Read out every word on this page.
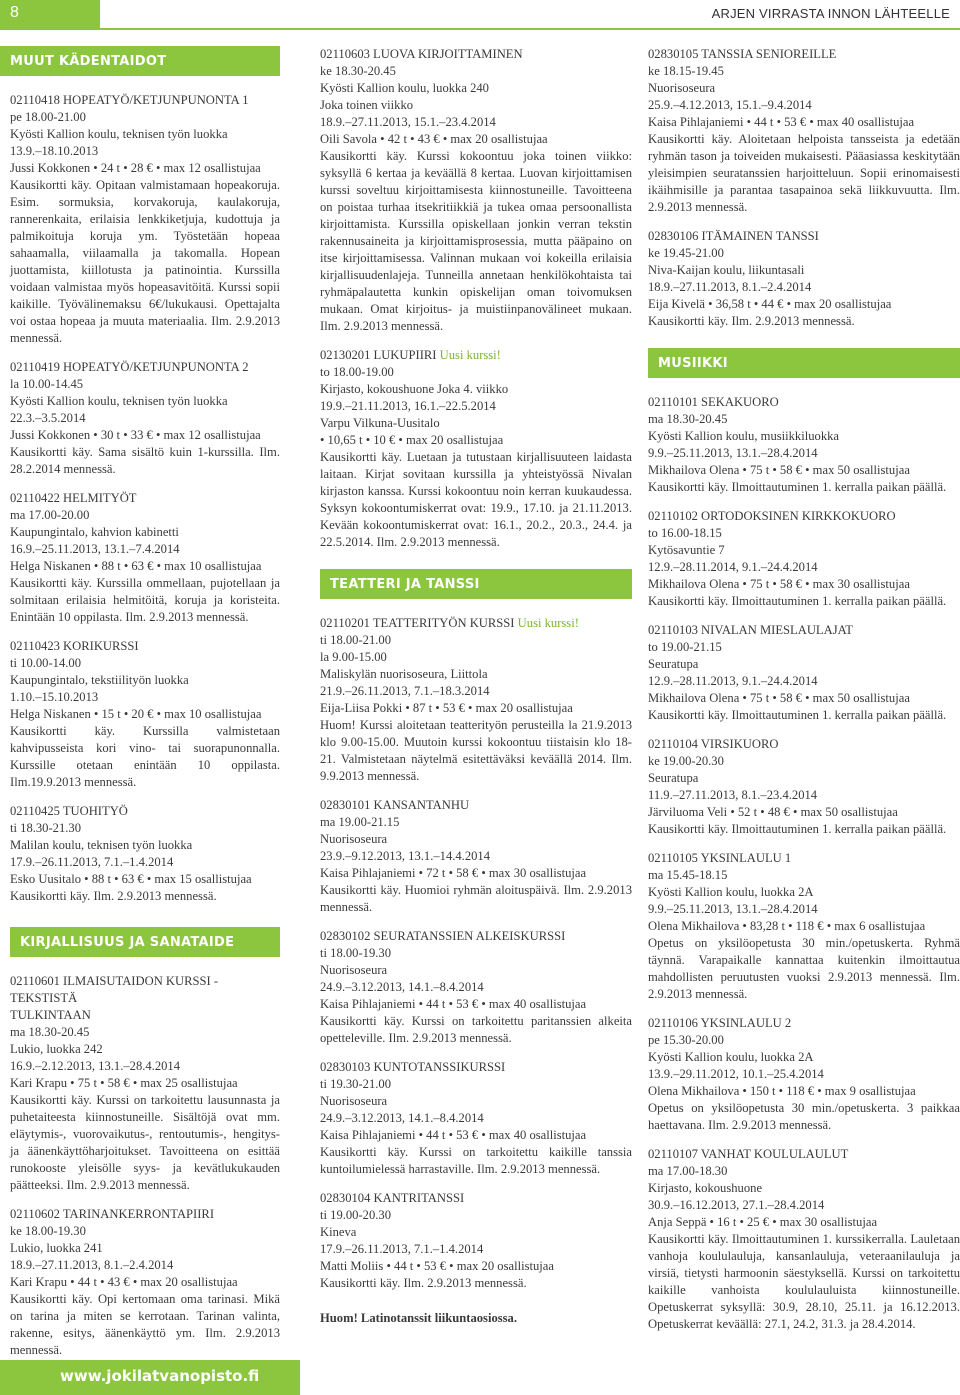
8	ARJEN VIRRASTA INNON LÄHTEELLE
MUUT KÄDENTAIDOT
02110418 HOPEATYÖ/KETJUNPUNONTA 1
pe 18.00-21.00
Kyösti Kallion koulu, teknisen työn luokka
13.9.–18.10.2013
Jussi Kokkonen • 24 t • 28 € • max 12 osallistujaa
Kausikortti käy. Opitaan valmistamaan hopeakoruja. Esim. sormuksia, korvakoruja, kaulakoruja, rannerenkaita, erilaisia lenkkiketjuja, kudottuja ja palmikoituja koruja ym. Työstetään hopeaa sahaamalla, viilaamalla ja takomalla. Hopean juottamista, kiillotusta ja patinointia. Kurssilla voidaan valmistaa myös hopeasavitöitä. Kurssi sopii kaikille. Työvälinemaksu 6€/lukukausi. Opettajalta voi ostaa hopeaa ja muuta materiaalia. Ilm. 2.9.2013 mennessä.
02110419 HOPEATYÖ/KETJUNPUNONTA 2
la 10.00-14.45
Kyösti Kallion koulu, teknisen työn luokka
22.3.–3.5.2014
Jussi Kokkonen • 30 t • 33 € • max 12 osallistujaa
Kausikortti käy. Sama sisältö kuin 1-kurssilla. Ilm. 28.2.2014 mennessä.
02110422 HELMITYÖT
ma 17.00-20.00
Kaupungintalo, kahvion kabinetti
16.9.–25.11.2013, 13.1.–7.4.2014
Helga Niskanen • 88 t • 63 € • max 10 osallistujaa
Kausikortti käy. Kurssilla ommellaan, pujotellaan ja solmitaan erilaisia helmitöitä, koruja ja koristeita. Enintään 10 oppilasta. Ilm. 2.9.2013 mennessä.
02110423 KORIKURSSI
ti 10.00-14.00
Kaupungintalo, tekstiilityön luokka
1.10.–15.10.2013
Helga Niskanen • 15 t • 20 € • max 10 osallistujaa
Kausikortti käy. Kurssilla valmistetaan kahvipusseista kori vino- tai suorapunonnalla. Kurssille otetaan enintään 10 oppilasta. Ilm.19.9.2013 mennessä.
02110425 TUOHITYÖ
ti 18.30-21.30
Malilan koulu, teknisen työn luokka
17.9.–26.11.2013, 7.1.–1.4.2014
Esko Uusitalo • 88 t • 63 € • max 15 osallistujaa
Kausikortti käy. Ilm. 2.9.2013 mennessä.
KIRJALLISUUS JA SANATAIDE
02110601 ILMAISUTAIDON KURSSI - TEKSTISTÄ
TULKINTAAN
ma 18.30-20.45
Lukio, luokka 242
16.9.–2.12.2013, 13.1.–28.4.2014
Kari Krapu • 75 t • 58 € • max 25 osallistujaa
Kausikortti käy. Kurssi on tarkoitettu lausunnasta ja puhetaiteesta kiinnostuneille. Sisältöjä ovat mm. eläytymis-, vuorovaikutus-, rentoutumis-, hengitys- ja äänenkäyttöharjoitukset. Tavoitteena on esittää runokooste yleisölle syys- ja kevätlukukauden päätteeksi. Ilm. 2.9.2013 mennessä.
02110602 TARINANKERRONTAPIIRI
ke 18.00-19.30
Lukio, luokka 241
18.9.–27.11.2013, 8.1.–2.4.2014
Kari Krapu • 44 t • 43 € • max 20 osallistujaa
Kausikortti käy. Opi kertomaan oma tarinasi. Mikä on tarina ja miten se kerrotaan. Tarinan valinta, rakenne, esitys, äänenkäyttö ym. Ilm. 2.9.2013 mennessä.
02110603 LUOVA KIRJOITTAMINEN
ke 18.30-20.45
Kyösti Kallion koulu, luokka 240
Joka toinen viikko
18.9.–27.11.2013, 15.1.–23.4.2014
Oili Savola • 42 t • 43 € • max 20 osallistujaa
Kausikortti käy. Kurssi kokoontuu joka toinen viikko: syksyllä 6 kertaa ja keväällä 8 kertaa. Luovan kirjoittamisen kurssi soveltuu kirjoittamisesta kiinnostuneille. Tavoitteena on poistaa turhaa itsekritiikkiä ja tukea omaa persoonallista kirjoittamista. Kurssilla opiskellaan jonkin verran tekstin rakennusaineita ja kirjoittamisprosessia, mutta pääpaino on itse kirjoittamisessa. Valinnan mukaan voi kokeilla erilaisia kirjallisuudenlajeja. Tunneilla annetaan henkilökohtaista tai ryhmäpalautetta kunkin opiskelijan oman toivomuksen mukaan. Omat kirjoitus- ja muistiinpanovälineet mukaan. Ilm. 2.9.2013 mennessä.
02130201 LUKUPIIRI Uusi kurssi!
to 18.00-19.00
Kirjasto, kokoushuone Joka 4. viikko
19.9.–21.11.2013, 16.1.–22.5.2014
Varpu Vilkuna-Uusitalo
• 10,65 t • 10 € • max 20 osallistujaa
Kausikortti käy. Luetaan ja tutustaan kirjallisuuteen laidasta laitaan. Kirjat sovitaan kurssilla ja yhteistyössä Nivalan kirjaston kanssa. Kurssi kokoontuu noin kerran kuukaudessa. Syksyn kokoontumiskerrat ovat: 19.9., 17.10. ja 21.11.2013. Kevään kokoontumiskerrat ovat: 16.1., 20.2., 20.3., 24.4. ja 22.5.2014. Ilm. 2.9.2013 mennessä.
TEATTERI JA TANSSI
02110201 TEATTERITYÖN KURSSI Uusi kurssi!
ti 18.00-21.00
la 9.00-15.00
Maliskylän nuorisoseura, Liittola
21.9.–26.11.2013, 7.1.–18.3.2014
Eija-Liisa Pokki • 87 t • 53 € • max 20 osallistujaa
Huom! Kurssi aloitetaan teatterityön perusteilla la 21.9.2013 klo 9.00-15.00. Muutoin kurssi kokoontuu tiistaisin klo 18-21. Valmistetaan näytelmä esitettäväksi keväällä 2014. Ilm. 9.9.2013 mennessä.
02830101 KANSANTANHU
ma 19.00-21.15
Nuorisoseura
23.9.–9.12.2013, 13.1.–14.4.2014
Kaisa Pihlajaniemi • 72 t • 58 € • max 30 osallistujaa
Kausikortti käy. Huomioi ryhmän aloituspäivä. Ilm. 2.9.2013 mennessä.
02830102 SEURATANSSIEN ALKEISKURSSI
ti 18.00-19.30
Nuorisoseura
24.9.–3.12.2013, 14.1.–8.4.2014
Kaisa Pihlajaniemi • 44 t • 53 € • max 40 osallistujaa
Kausikortti käy. Kurssi on tarkoitettu paritanssien alkeita opetteleville. Ilm. 2.9.2013 mennessä.
02830103 KUNTOTANSSIKURSSI
ti 19.30-21.00
Nuorisoseura
24.9.–3.12.2013, 14.1.–8.4.2014
Kaisa Pihlajaniemi • 44 t • 53 € • max 40 osallistujaa
Kausikortti käy. Kurssi on tarkoitettu kaikille tanssia kuntoilumielessä harrastaville. Ilm. 2.9.2013 mennessä.
02830104 KANTRITANSSI
ti 19.00-20.30
Kineva
17.9.–26.11.2013, 7.1.–1.4.2014
Matti Moliis • 44 t • 53 € • max 20 osallistujaa
Kausikortti käy. Ilm. 2.9.2013 mennessä.

Huom! Latinotanssit liikuntaosiossa.

02830105 TANSSIA SENIOREILLE
ke 18.15-19.45
Nuorisoseura
25.9.–4.12.2013, 15.1.–9.4.2014
Kaisa Pihlajaniemi • 44 t • 53 € • max 40 osallistujaa
Kausikortti käy. Aloitetaan helpoista tansseista ja edetään ryhmän tason ja toiveiden mukaisesti. Pääasiassa keskitytään yleisimpien seuratanssien harjoitteluun. Sopii erinomaisesti ikäihmisille ja parantaa tasapainoa sekä liikkuvuutta. Ilm. 2.9.2013 mennessä.
02830106 ITÄMAINEN TANSSI
ke 19.45-21.00
Niva-Kaijan koulu, liikuntasali
18.9.–27.11.2013, 8.1.–2.4.2014
Eija Kivelä • 36,58 t • 44 € • max 20 osallistujaa
Kausikortti käy. Ilm. 2.9.2013 mennessä.
MUSIIKKI
02110101 SEKAKUORO
ma 18.30-20.45
Kyösti Kallion koulu, musiikkiluokka
9.9.–25.11.2013, 13.1.–28.4.2014
Mikhailova Olena • 75 t • 58 € • max 50 osallistujaa
Kausikortti käy. Ilmoittautuminen 1. kerralla paikan päällä.
02110102 ORTODOKSINEN KIRKKOKUORO
to 16.00-18.15
Kytösavuntie 7
12.9.–28.11.2014, 9.1.–24.4.2014
Mikhailova Olena • 75 t • 58 € • max 30 osallistujaa
Kausikortti käy. Ilmoittautuminen 1. kerralla paikan päällä.
02110103 NIVALAN MIESLAULAJAT
to 19.00-21.15
Seuratupa
12.9.–28.11.2013, 9.1.–24.4.2014
Mikhailova Olena • 75 t • 58 € • max 50 osallistujaa
Kausikortti käy. Ilmoittautuminen 1. kerralla paikan päällä.
02110104 VIRSIKUORO
ke 19.00-20.30
Seuratupa
11.9.–27.11.2013, 8.1.–23.4.2014
Järviluoma Veli • 52 t • 48 € • max 50 osallistujaa
Kausikortti käy. Ilmoittautuminen 1. kerralla paikan päällä.
02110105 YKSINLAULU 1
ma 15.45-18.15
Kyösti Kallion koulu, luokka 2A
9.9.–25.11.2013, 13.1.–28.4.2014
Olena Mikhailova • 83,28 t • 118 € • max 6 osallistujaa
Opetus on yksilöopetusta 30 min./opetuskerta. Ryhmä täynnä. Varapaikalle kannattaa kuitenkin ilmoittautua mahdollisten peruutusten vuoksi 2.9.2013 mennessä. Ilm. 2.9.2013 mennessä.
02110106 YKSINLAULU 2
pe 15.30-20.00
Kyösti Kallion koulu, luokka 2A
13.9.–29.11.2012, 10.1.–25.4.2014
Olena Mikhailova • 150 t • 118 € • max 9 osallistujaa
Opetus on yksilöopetusta 30 min./opetuskerta. 3 paikkaa haettavana. Ilm. 2.9.2013 mennessä.
02110107 VANHAT KOULULAULUT
ma 17.00-18.30
Kirjasto, kokoushuone
30.9.–16.12.2013, 27.1.–28.4.2014
Anja Seppä • 16 t • 25 € • max 30 osallistujaa
Kausikortti käy. Ilmoittautuminen 1. kurssikerralla. Lauletaan vanhoja koululauluja, kansanlauluja, veteraanilauluja ja virsiä, tietysti harmoonin säestyksellä. Kurssi on tarkoitettu kaikille vanhoista koululauluista kiinnostuneille. Opetuskerrat syksyllä: 30.9, 28.10, 25.11. ja 16.12.2013. Opetuskerrat keväällä: 27.1, 24.2, 31.3. ja 28.4.2014.
www.jokilatvanopisto.fi
